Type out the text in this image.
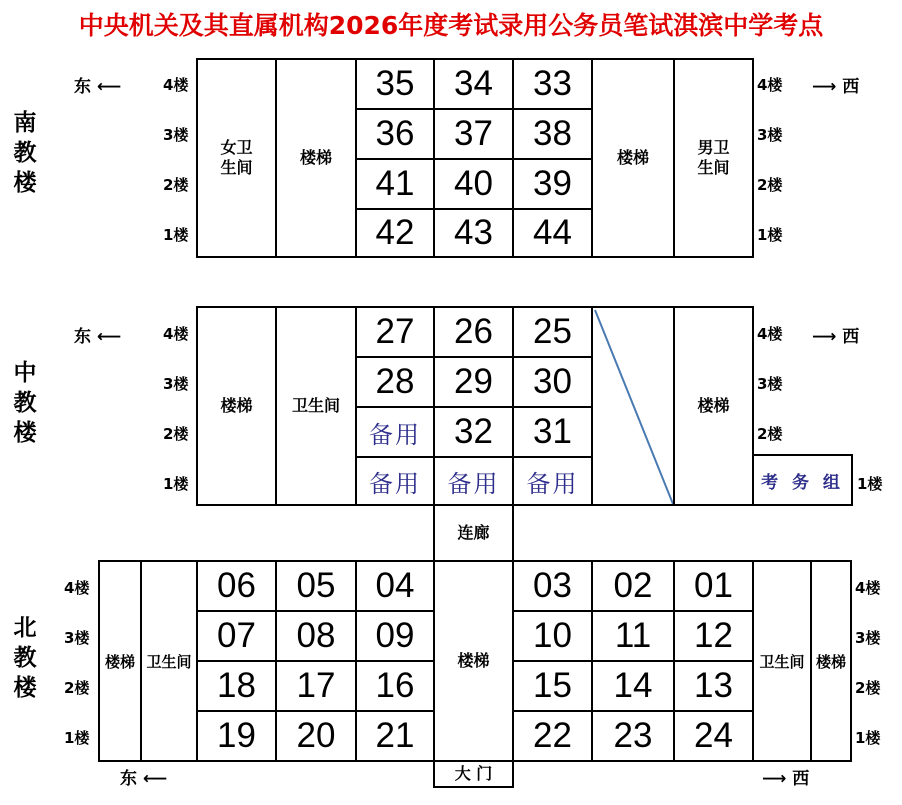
中央机关及其直属机构2026年度考试录用公务员笔试淇滨中学考点
南教楼
东 ⟵	⟶ 西
4楼
3楼
2楼
1楼
4楼
3楼
2楼
1楼
女卫生间
楼梯
35 34 33
36 37 38
41 40 39
42 43 44
楼梯
男卫生间
中教楼
东 ⟵	⟶ 西
4楼
3楼
2楼
1楼
4楼
3楼
2楼
1楼
楼梯 卫生间
27 26 25
28 29 30
备用 32 31
备用 备用 备用
楼梯
考 务 组
连廊
北教楼
4楼
3楼
2楼
1楼
4楼
3楼
2楼
1楼
楼梯 卫生间
06 05 04
07 08 09
18 17 16
19 20 21
楼梯
03 02 01
10 11 12
15 14 13
22 23 24
卫生间 楼梯
大 门
东 ⟵	⟶ 西
